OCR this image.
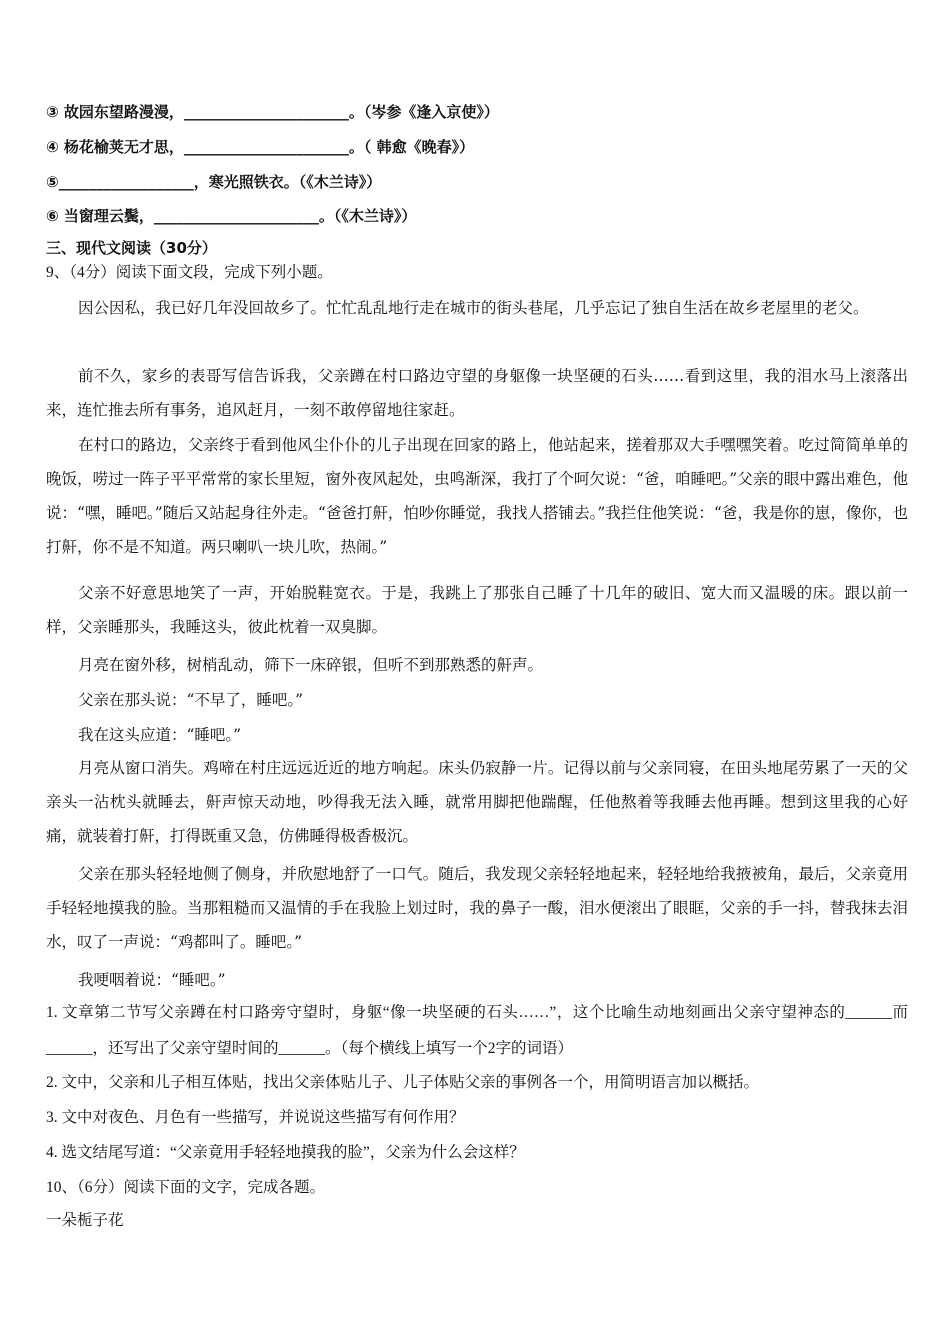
③ 故园东望路漫漫，______________________。（岑参《逢入京使》）
④ 杨花榆荚无才思，______________________。（ 韩愈《晚春》）
⑤__________________，寒光照铁衣。（《木兰诗》）
⑥ 当窗理云鬓，______________________。（《木兰诗》）
三、现代文阅读（30分）
9、（4分）阅读下面文段，完成下列小题。
因公因私，我已好几年没回故乡了。忙忙乱乱地行走在城市的街头巷尾，几乎忘记了独自生活在故乡老屋里的老父。
前不久，家乡的表哥写信告诉我，父亲蹲在村口路边守望的身躯像一块坚硬的石头……看到这里，我的泪水马上滚落出来，连忙推去所有事务，追风赶月，一刻不敢停留地往家赶。
在村口的路边，父亲终于看到他风尘仆仆的儿子出现在回家的路上，他站起来，搓着那双大手嘿嘿笑着。吃过简简单单的晚饭，唠过一阵子平平常常的家长里短，窗外夜风起处，虫鸣渐深，我打了个呵欠说：“爸，咱睡吧。”父亲的眼中露出难色，他说：“嘿，睡吧。”随后又站起身往外走。“爸爸打鼾，怕吵你睡觉，我找人搭铺去。”我拦住他笑说：“爸，我是你的崽，像你，也打鼾，你不是不知道。两只喇叭一块儿吹，热闹。”
父亲不好意思地笑了一声，开始脱鞋宽衣。于是，我跳上了那张自己睡了十几年的破旧、宽大而又温暖的床。跟以前一样，父亲睡那头，我睡这头，彼此枕着一双臭脚。
月亮在窗外移，树梢乱动，筛下一床碎银，但听不到那熟悉的鼾声。
父亲在那头说：“不早了，睡吧。”
我在这头应道：“睡吧。”
月亮从窗口消失。鸡啼在村庄远远近近的地方响起。床头仍寂静一片。记得以前与父亲同寝，在田头地尾劳累了一天的父亲头一沾枕头就睡去，鼾声惊天动地，吵得我无法入睡，就常用脚把他踹醒，任他熬着等我睡去他再睡。想到这里我的心好痛，就装着打鼾，打得既重又急，仿佛睡得极香极沉。
父亲在那头轻轻地侧了侧身，并欣慰地舒了一口气。随后，我发现父亲轻轻地起来，轻轻地给我掖被角，最后，父亲竟用手轻轻地摸我的脸。当那粗糙而又温情的手在我脸上划过时，我的鼻子一酸，泪水便滚出了眼眶，父亲的手一抖，替我抹去泪水，叹了一声说：“鸡都叫了。睡吧。”
我哽咽着说：“睡吧。”
1. 文章第二节写父亲蹲在村口路旁守望时，身躯“像一块坚硬的石头……”，这个比喻生动地刻画出父亲守望神态的______而______，还写出了父亲守望时间的______。（每个横线上填写一个2字的词语）
2. 文中，父亲和儿子相互体贴，找出父亲体贴儿子、儿子体贴父亲的事例各一个，用简明语言加以概括。
3. 文中对夜色、月色有一些描写，并说说这些描写有何作用？
4. 选文结尾写道：“父亲竟用手轻轻地摸我的脸”，父亲为什么会这样？
10、（6分）阅读下面的文字，完成各题。
一朵栀子花
